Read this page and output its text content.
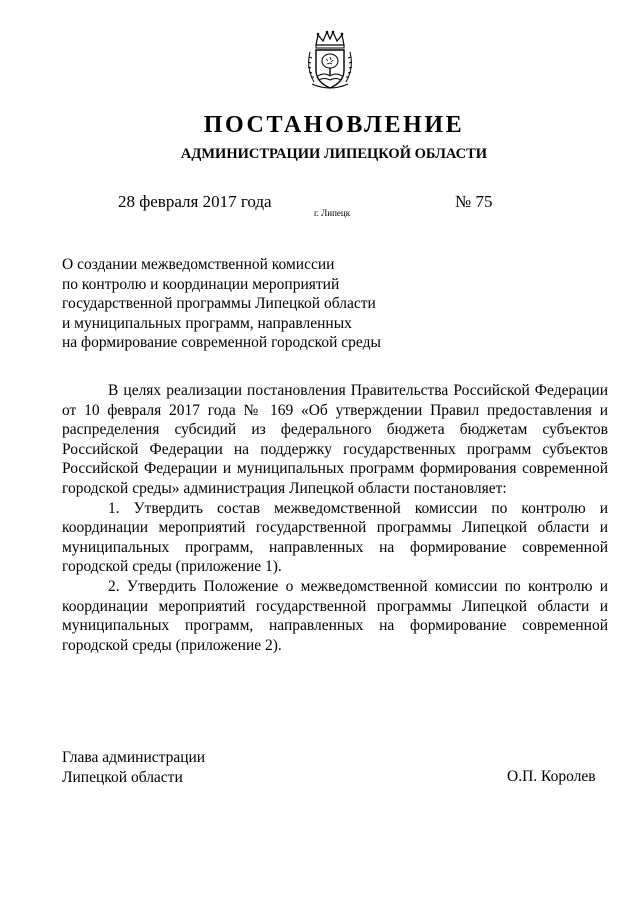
ПОСТАНОВЛЕНИЕ
АДМИНИСТРАЦИИ ЛИПЕЦКОЙ ОБЛАСТИ
28 февраля 2017 года
г. Липецк
№ 75
О создании межведомственной комиссии
по контролю и координации мероприятий
государственной программы Липецкой области
и муниципальных программ, направленных
на формирование современной городской среды

В целях реализации постановления Правительства Российской Федерации от 10 февраля 2017 года № 169 «Об утверждении Правил предоставления и распределения субсидий из федерального бюджета бюджетам субъектов Российской Федерации на поддержку государственных программ субъектов Российской Федерации и муниципальных программ формирования современной городской среды» администрация Липецкой области постановляет:

1. Утвердить состав межведомственной комиссии по контролю и координации мероприятий государственной программы Липецкой области и муниципальных программ, направленных на формирование современной городской среды (приложение 1).

2. Утвердить Положение о межведомственной комиссии по контролю и координации мероприятий государственной программы Липецкой области и муниципальных программ, направленных на формирование современной городской среды (приложение 2).

Глава администрации
Липецкой области	О.П. Королев
